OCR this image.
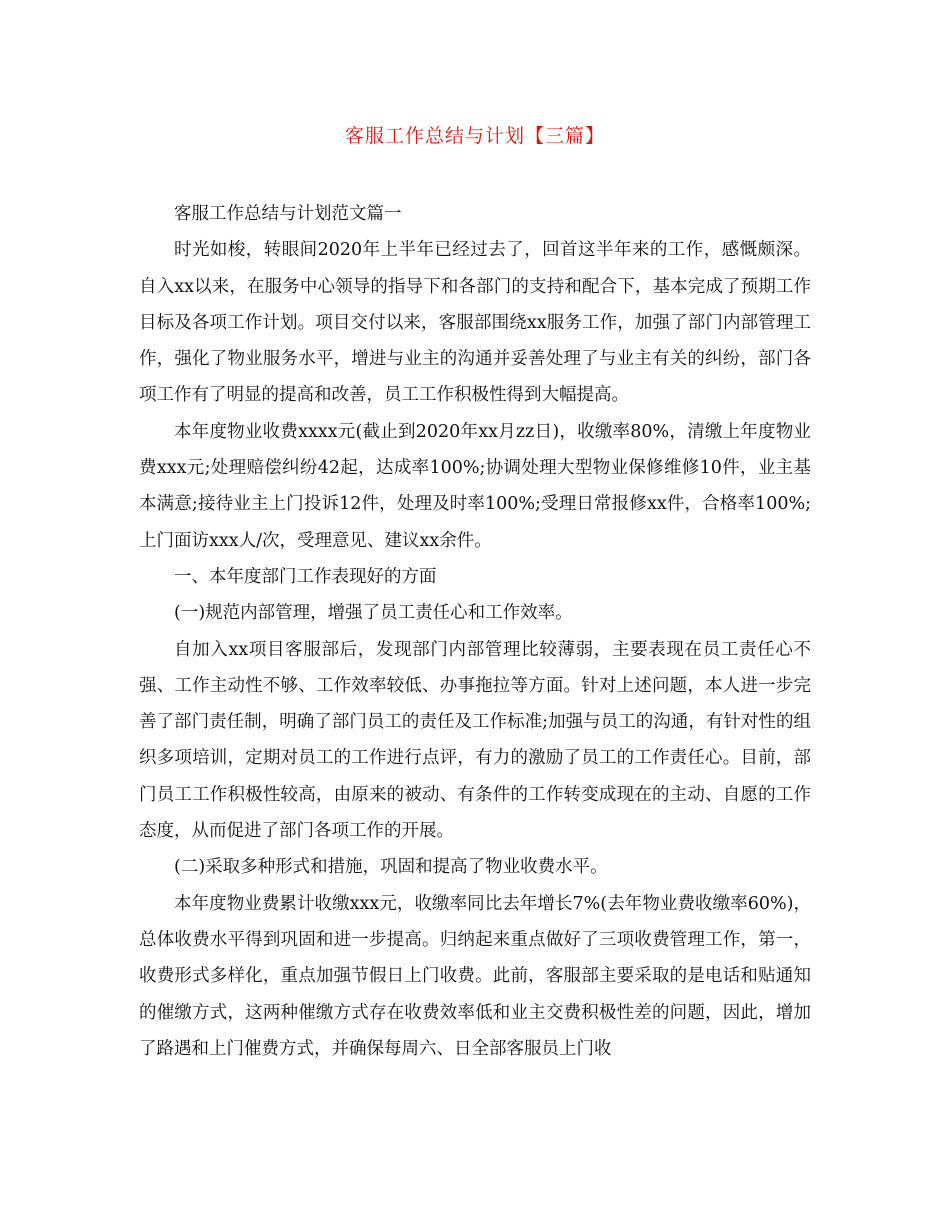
客服工作总结与计划【三篇】

客服工作总结与计划范文篇一

时光如梭，转眼间2020年上半年已经过去了，回首这半年来的工作，感慨颇深。自入xx以来，在服务中心领导的指导下和各部门的支持和配合下，基本完成了预期工作目标及各项工作计划。项目交付以来，客服部围绕xx服务工作，加强了部门内部管理工作，强化了物业服务水平，增进与业主的沟通并妥善处理了与业主有关的纠纷，部门各项工作有了明显的提高和改善，员工工作积极性得到大幅提高。

本年度物业收费xxxx元(截止到2020年xx月zz日)，收缴率80%，清缴上年度物业费xxx元;处理赔偿纠纷42起，达成率100%;协调处理大型物业保修维修10件，业主基本满意;接待业主上门投诉12件，处理及时率100%;受理日常报修xx件，合格率100%;上门面访xxx人/次，受理意见、建议xx余件。

一、本年度部门工作表现好的方面

(一)规范内部管理，增强了员工责任心和工作效率。

自加入xx项目客服部后，发现部门内部管理比较薄弱，主要表现在员工责任心不强、工作主动性不够、工作效率较低、办事拖拉等方面。针对上述问题，本人进一步完善了部门责任制，明确了部门员工的责任及工作标准;加强与员工的沟通，有针对性的组织多项培训，定期对员工的工作进行点评，有力的激励了员工的工作责任心。目前，部门员工工作积极性较高，由原来的被动、有条件的工作转变成现在的主动、自愿的工作态度，从而促进了部门各项工作的开展。

(二)采取多种形式和措施，巩固和提高了物业收费水平。

本年度物业费累计收缴xxx元，收缴率同比去年增长7%(去年物业费收缴率60%)，总体收费水平得到巩固和进一步提高。归纳起来重点做好了三项收费管理工作，第一，收费形式多样化，重点加强节假日上门收费。此前，客服部主要采取的是电话和贴通知的催缴方式，这两种催缴方式存在收费效率低和业主交费积极性差的问题，因此，增加了路遇和上门催费方式，并确保每周六、日全部客服员上门收
